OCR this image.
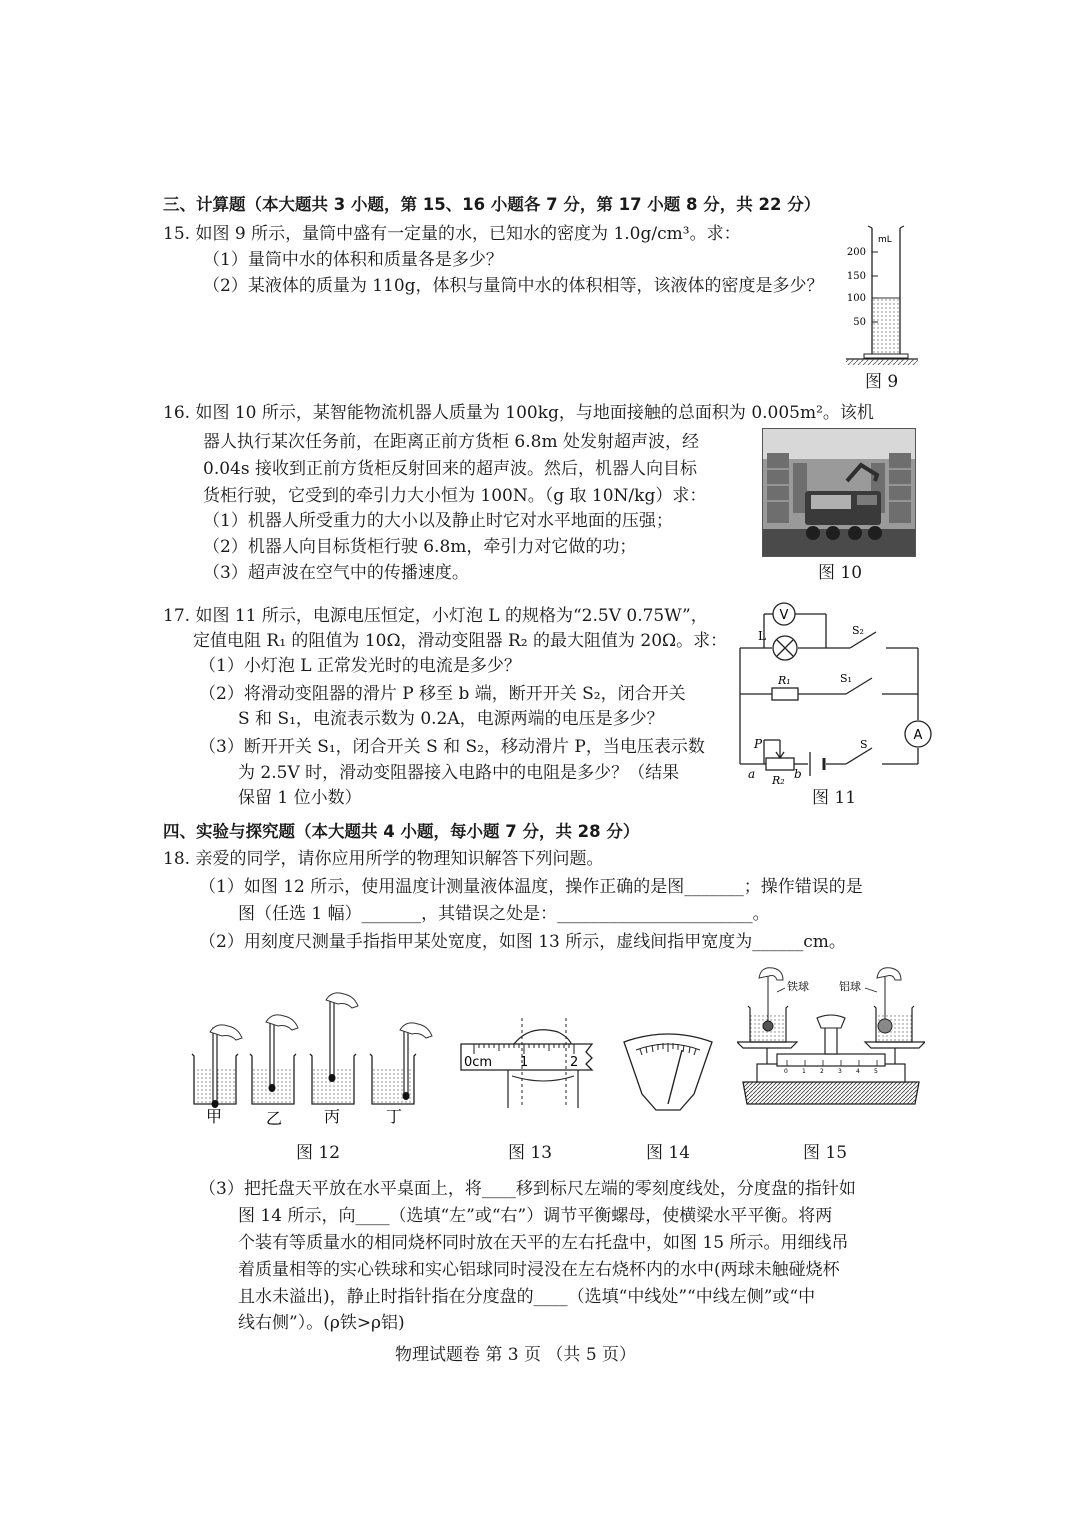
三、计算题（本大题共 3 小题，第 15、16 小题各 7 分，第 17 小题 8 分，共 22 分）
15. 如图 9 所示，量筒中盛有一定量的水，已知水的密度为 1.0g/cm³。求：
（1）量筒中水的体积和质量各是多少？
（2）某液体的质量为 110g，体积与量筒中水的体积相等，该液体的密度是多少？
mL
200
150
100
50
图 9
16. 如图 10 所示，某智能物流机器人质量为 100kg，与地面接触的总面积为 0.005m²。该机
器人执行某次任务前，在距离正前方货柜 6.8m 处发射超声波，经
0.04s 接收到正前方货柜反射回来的超声波。然后，机器人向目标
货柜行驶，它受到的牵引力大小恒为 100N。（g 取 10N/kg）求：
（1）机器人所受重力的大小以及静止时它对水平地面的压强；
（2）机器人向目标货柜行驶 6.8m，牵引力对它做的功；
（3）超声波在空气中的传播速度。	图 10
17. 如图 11 所示，电源电压恒定，小灯泡 L 的规格为“2.5V 0.75W”，
定值电阻 R₁ 的阻值为 10Ω，滑动变阻器 R₂ 的最大阻值为 20Ω。求：
（1）小灯泡 L 正常发光时的电流是多少？
（2）将滑动变阻器的滑片 P 移至 b 端，断开开关 S₂，闭合开关
S 和 S₁，电流表示数为 0.2A，电源两端的电压是多少？
（3）断开开关 S₁，闭合开关 S 和 S₂，移动滑片 P，当电压表示数
为 2.5V 时，滑动变阻器接入电路中的电阻是多少？（结果
保留 1 位小数）
V
L	S₂
R₁	S₁
A
P
a	b
R₂
S
图 11
四、实验与探究题（本大题共 4 小题，每小题 7 分，共 28 分）
18. 亲爱的同学，请你应用所学的物理知识解答下列问题。
（1）如图 12 所示，使用温度计测量液体温度，操作正确的是图_______；操作错误的是
图（任选 1 幅）_______，其错误之处是：_______________________。
（2）用刻度尺测量手指指甲某处宽度，如图 13 所示，虚线间指甲宽度为______cm。
甲	乙	丙	丁
图 12
0cm 1	2
图 13	图 14
0 1 2 3 4 5
铁球	铝球
图 15
（3）把托盘天平放在水平桌面上，将____移到标尺左端的零刻度线处，分度盘的指针如
图 14 所示，向____（选填“左”或“右”）调节平衡螺母，使横梁水平平衡。将两
个装有等质量水的相同烧杯同时放在天平的左右托盘中，如图 15 所示。用细线吊
着质量相等的实心铁球和实心铝球同时浸没在左右烧杯内的水中(两球未触碰烧杯
且水未溢出)，静止时指针指在分度盘的____（选填“中线处”“中线左侧”或“中
线右侧”）。(ρ铁>ρ铝)
物理试题卷 第 3 页 （共 5 页）
